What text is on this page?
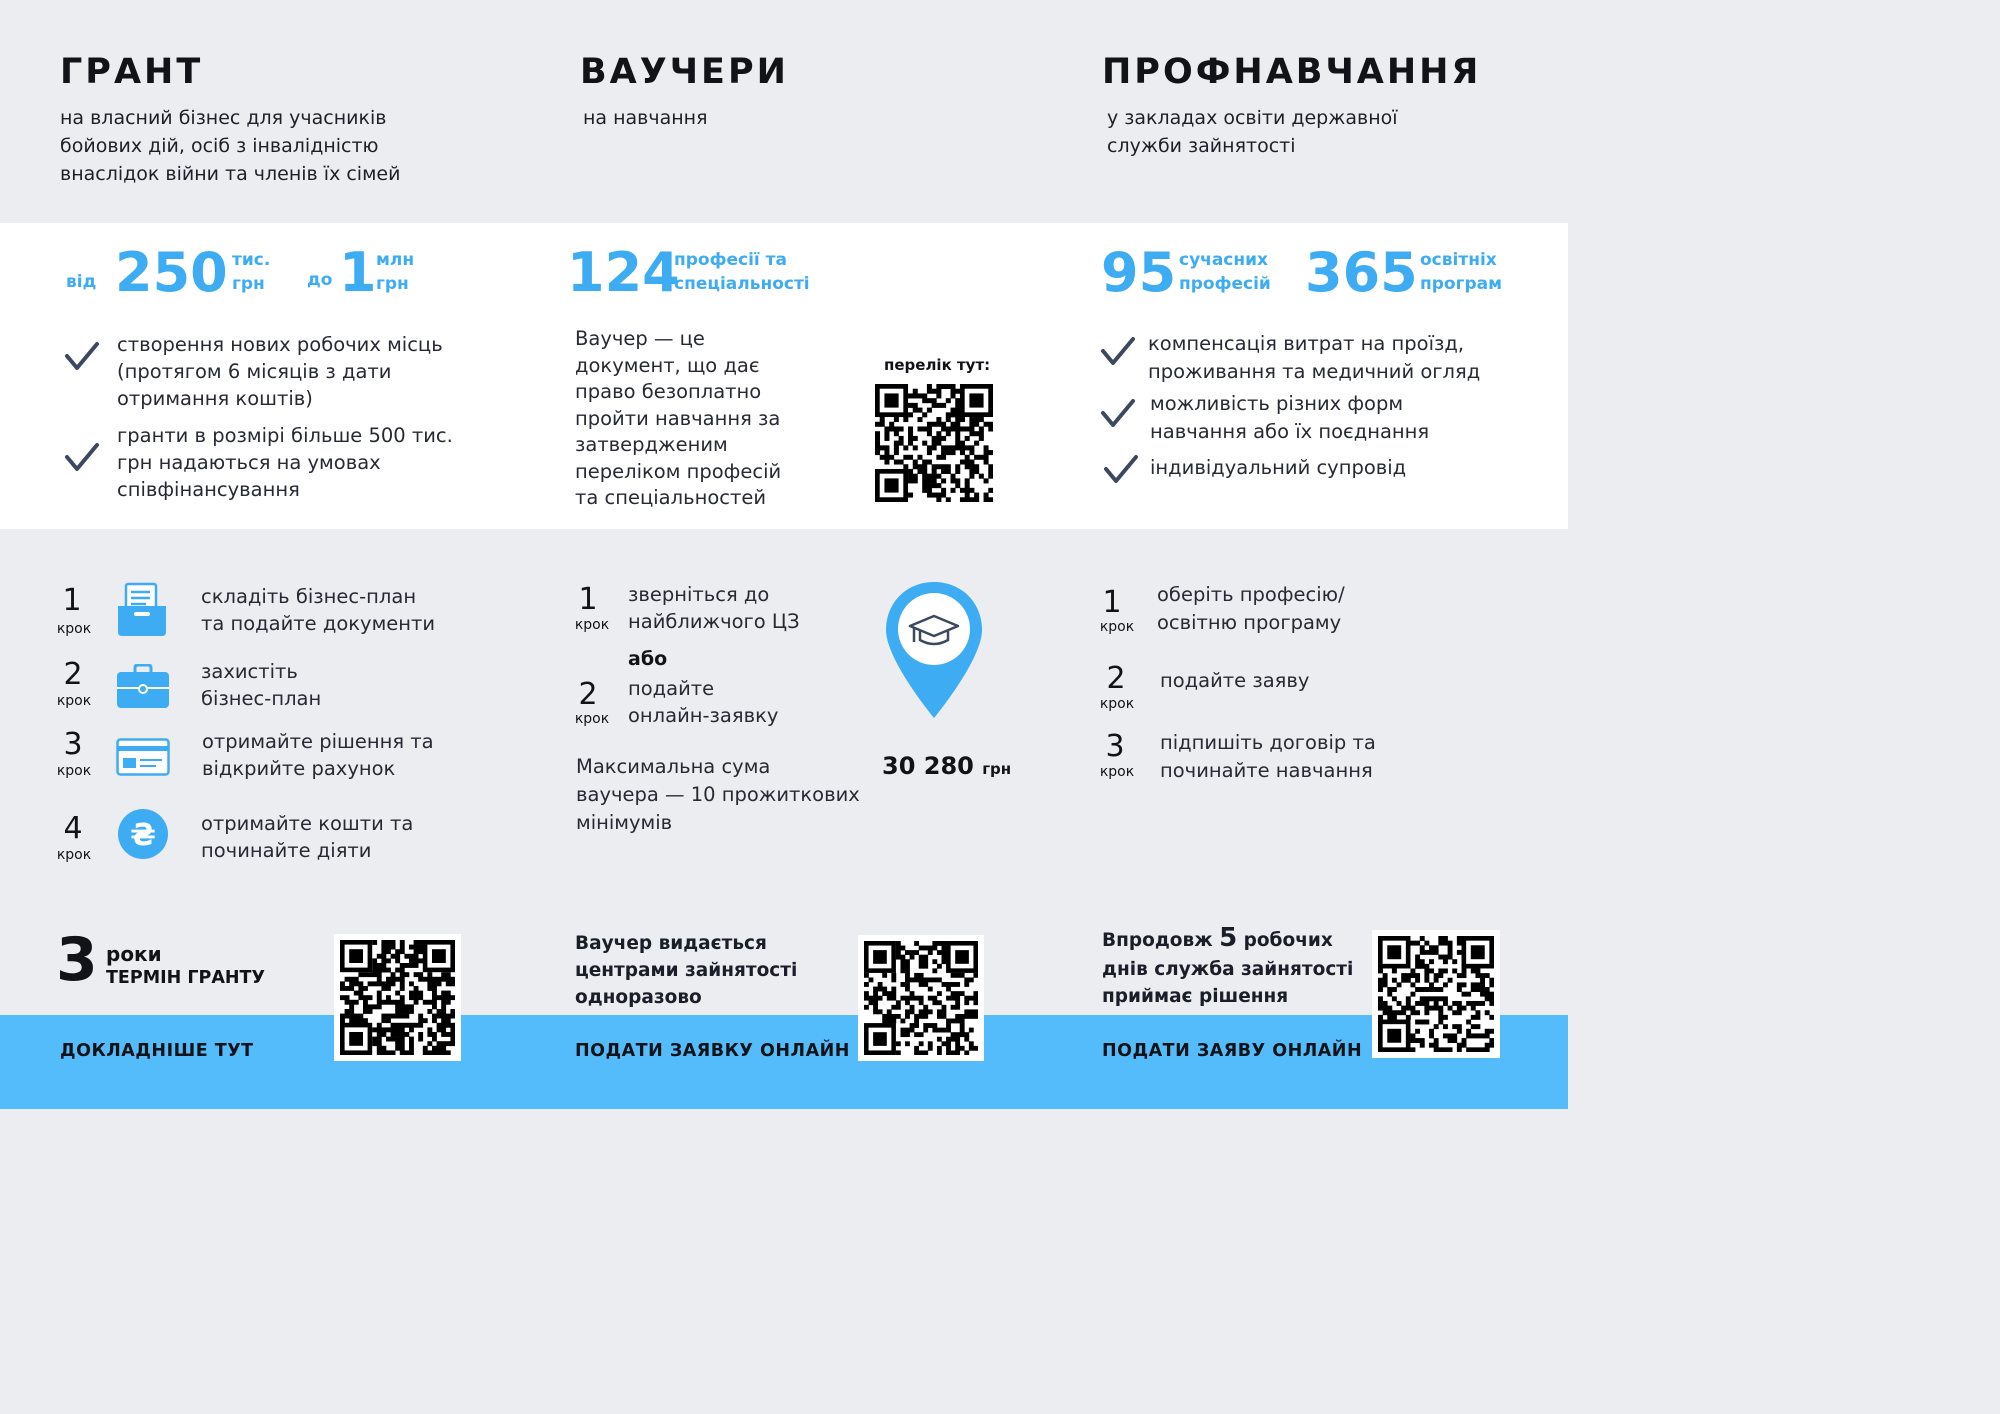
ГРАНТ
на власний бізнес для учасників
бойових дій, осіб з інвалідністю
внаслідок війни та членів їх сімей
від 250 тис.
грн	до 1 млн
грн
створення нових робочих місць
(протягом 6 місяців з дати
отримання коштів)
гранти в розмірі більше 500 тис.
грн надаються на умовах
співфінансування
1
крок
складіть бізнес-план
та подайте документи
2
крок
захистіть
бізнес-план
3
крок
отримайте рішення та
відкрийте рахунок
4
крок
₴ отримайте кошти та
починайте діяти
3 роки
ТЕРМІН ГРАНТУ
ДОКЛАДНІШЕ ТУТ
ВАУЧЕРИ
на навчання
124
професії та
спеціальності
Ваучер — це
документ, що дає
право безоплатно
пройти навчання за
затвердженим
переліком професій
та спеціальностей
перелік тут:
1
крок
зверніться до
найближчого ЦЗ
або
2
крок
подайте
онлайн-заявку
Максимальна сума
ваучера — 10 прожиткових
мінімумів
30 280 грн
Ваучер видається
центрами зайнятості
одноразово
ПОДАТИ ЗАЯВКУ ОНЛАЙН
ПРОФНАВЧАННЯ
у закладах освіти державної
служби зайнятості
95 сучасних
професій 365 освітніх
програм
компенсація витрат на проїзд,
проживання та медичний огляд
можливість різних форм
навчання або їх поєднання
індивідуальний супровід
1
крок
оберіть професію/
освітню програму
2
крок
подайте заяву
3
крок
підпишіть договір та
починайте навчання
Впродовж 5 робочих
днів служба зайнятості
приймає рішення
ПОДАТИ ЗАЯВУ ОНЛАЙН
